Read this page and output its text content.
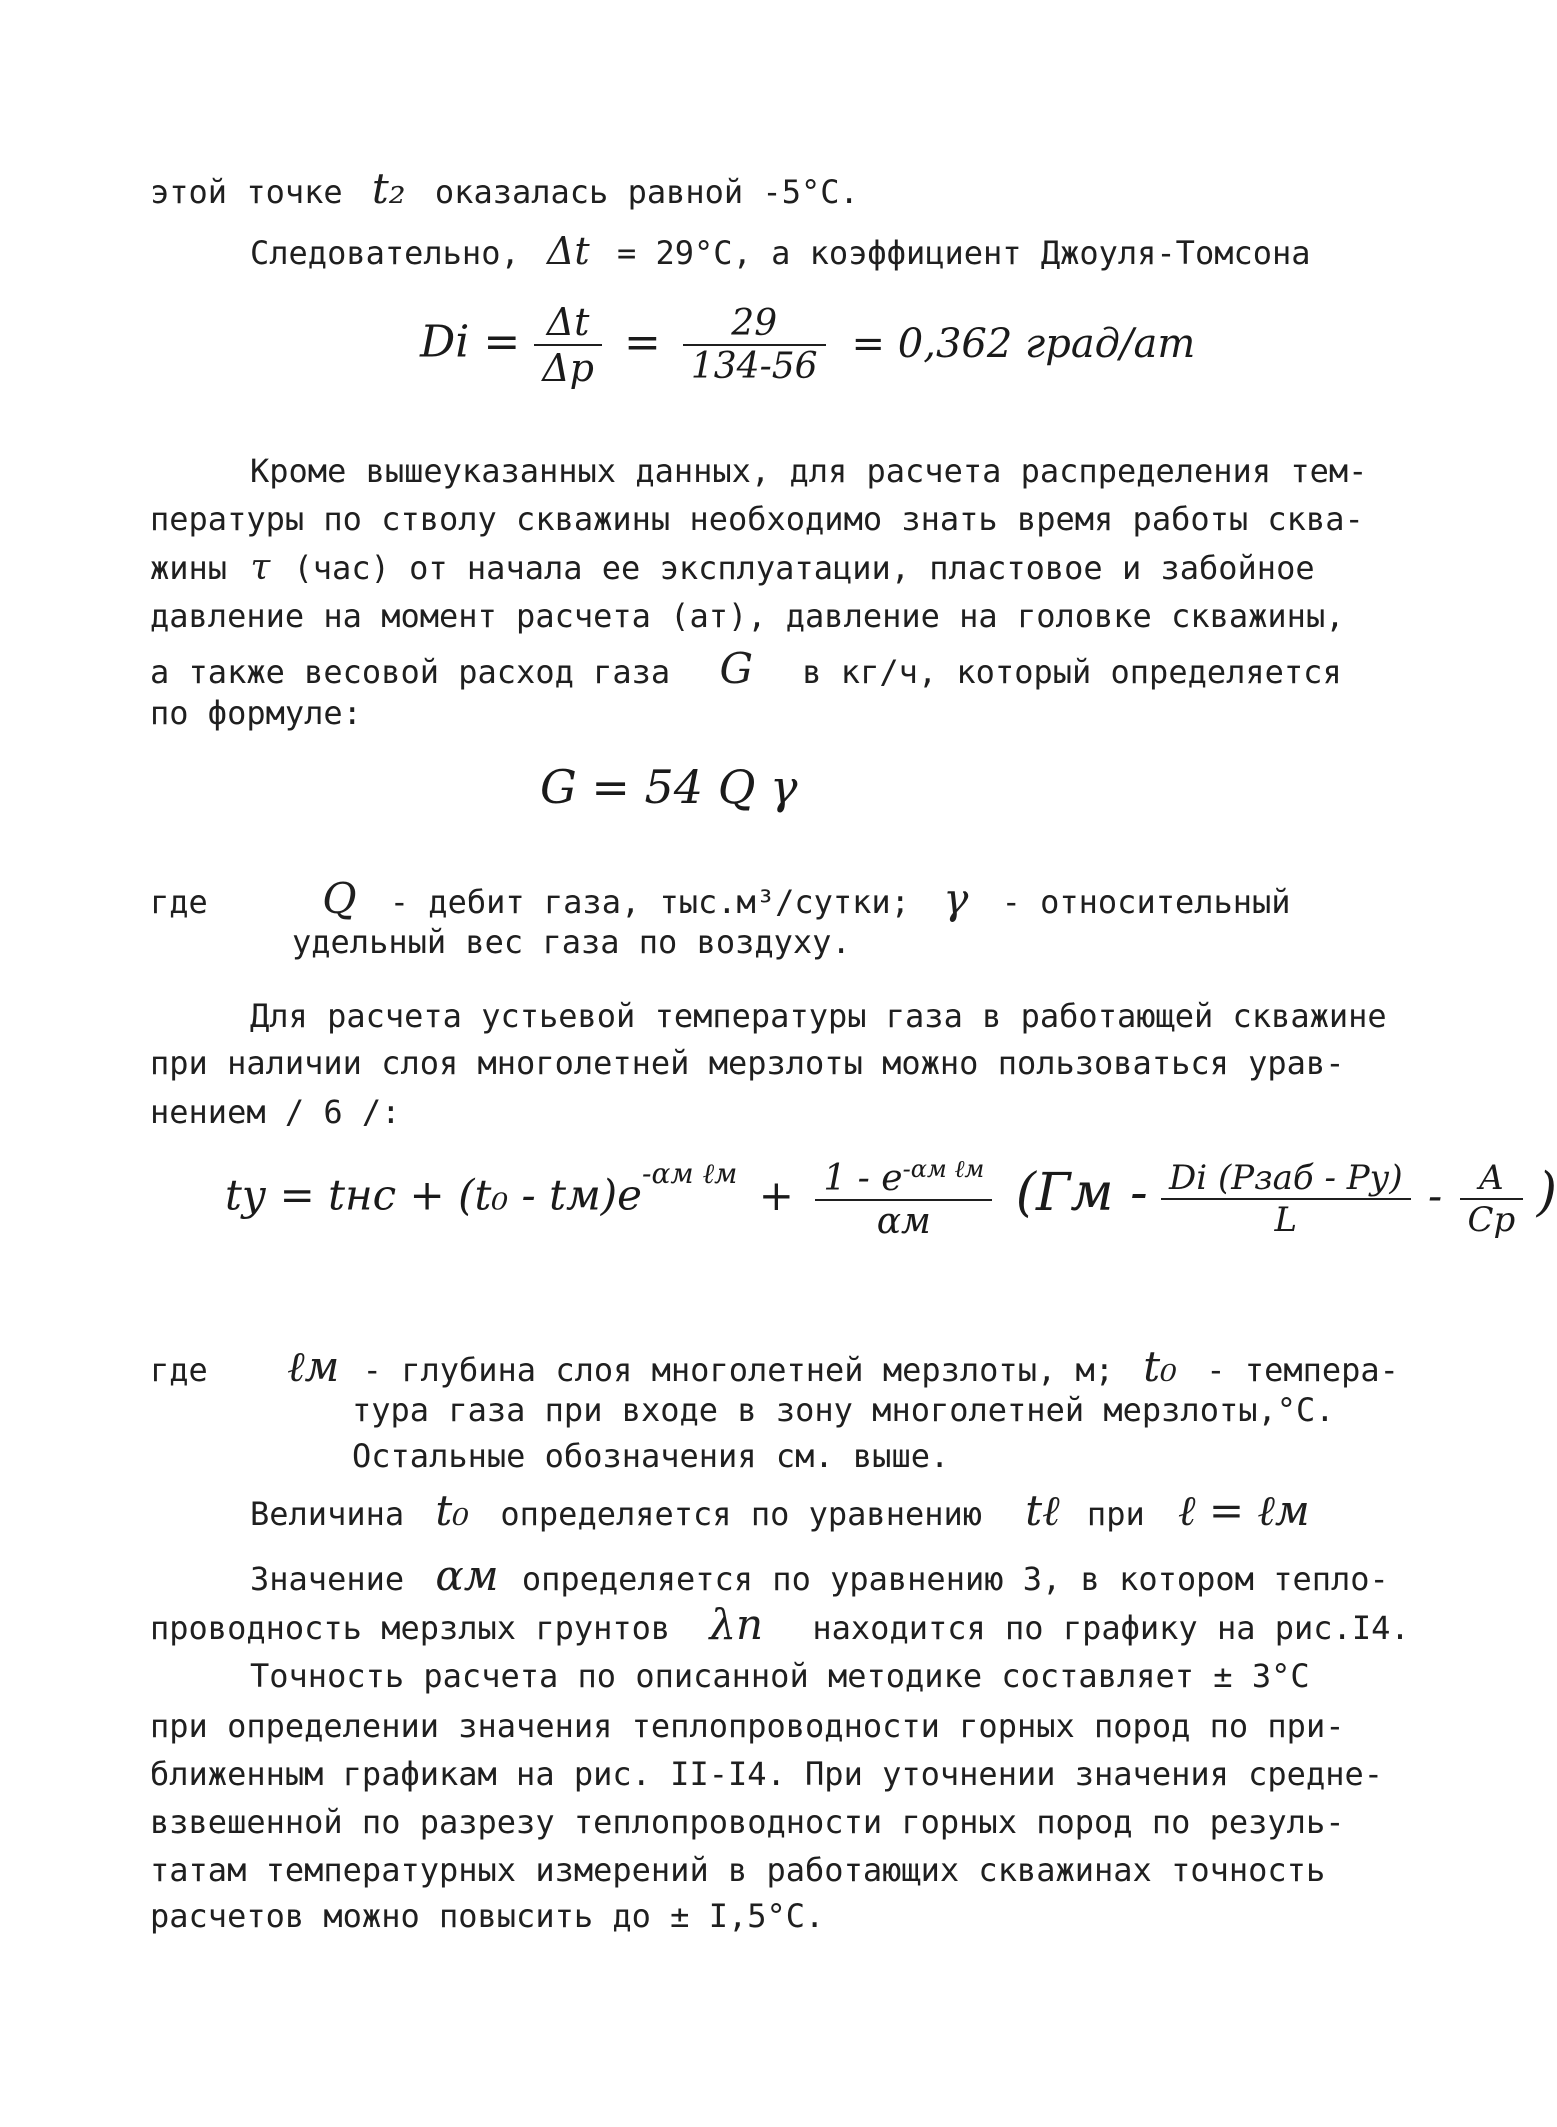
этой точке t₂ оказалась равной -5°С.
Следовательно, Δt = 29°С, а коэффициент Джоуля-Томсона
$Di = \frac{\Delta t}{\Delta p} = \frac{29}{134-56} = 0,362$ град/ат
Кроме вышеуказанных данных, для расчета распределения тем-
пературы по стволу скважины необходимо знать время работы сква-
жины τ (час) от начала ее эксплуатации, пластовое и забойное
давление на момент расчета (ат), давление на головке скважины,
а также весовой расход газа G в кг/ч, который определяется
по формуле:
G = 54 Q γ
где	Q - дебит газа, тыс.м³/сутки; γ - относительный
удельный вес газа по воздуху.
Для расчета устьевой температуры газа в работающей скважине
при наличии слоя многолетней мерзлоты можно пользоваться урав-
нением / 6 /:
tу = tнс + $(t_0 - tм)e^{-\alpha м \ell м} + \frac{1 - e^{-\alpha м \ell м}}{\alpha м} (Гм - \frac{\text{Di (Pзаб - Pу)}}{L} - \frac{A}{Cp}$ )
где ℓм - глубина слоя многолетней мерзлоты, м; t₀ - темпера-
тура газа при входе в зону многолетней мерзлоты,°С.
Остальные обозначения см. выше.
Величина t₀ определяется по уравнению tℓ при ℓ = ℓм
Значение αм определяется по уравнению 3, в котором тепло-
проводность мерзлых грунтов λп находится по графику на рис.I4.
Точность расчета по описанной методике составляет ± 3°С
при определении значения теплопроводности горных пород по при-
ближенным графикам на рис. II-I4. При уточнении значения средне-
взвешенной по разрезу теплопроводности горных пород по резуль-
татам температурных измерений в работающих скважинах точность
расчетов можно повысить до ± I,5°С.
